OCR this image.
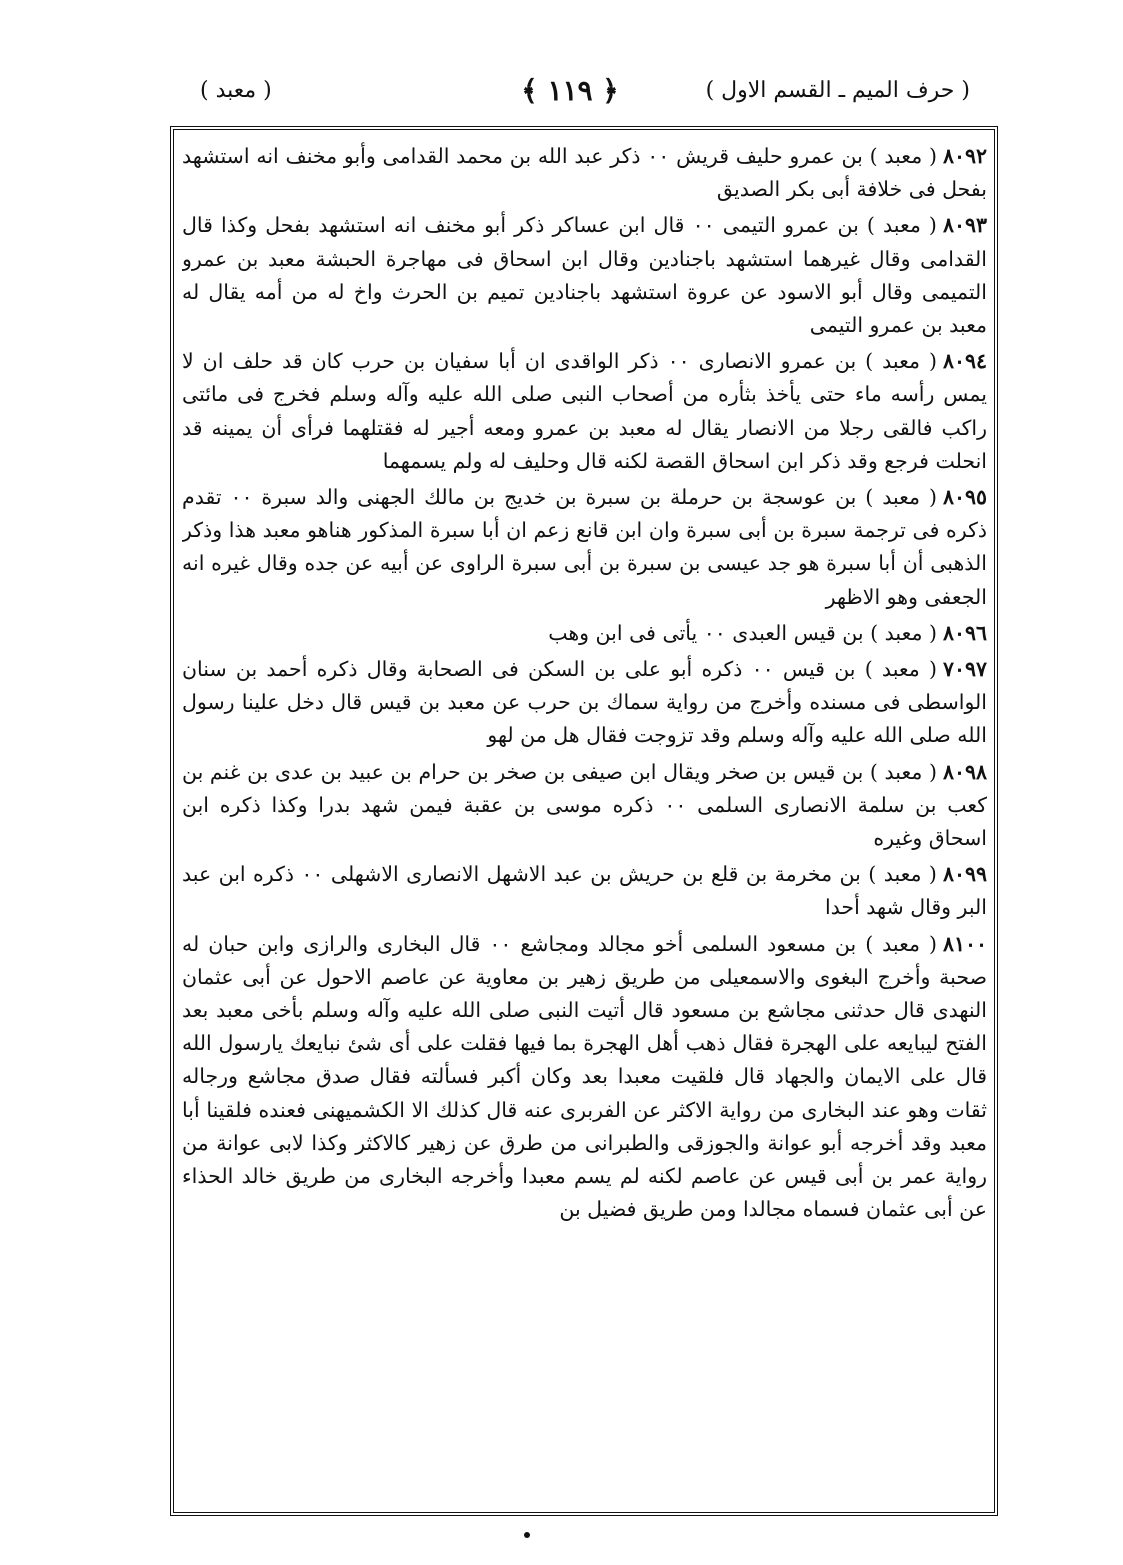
( حرف الميم ـ القسم الاول )
﴿ ١١٩ ﴾
( معبد )

٨٠٩٢( معبد ) بن عمرو حليف قريش ٠٠ ذكر عبد الله بن محمد القدامى وأبو مخنف انه استشهد بفحل فى خلافة أبى بكر الصديق

٨٠٩٣( معبد ) بن عمرو التيمى ٠٠ قال ابن عساكر ذكر أبو مخنف انه استشهد بفحل وكذا قال القدامى وقال غيرهما استشهد باجنادين وقال ابن اسحاق فى مهاجرة الحبشة معبد بن عمرو التميمى وقال أبو الاسود عن عروة استشهد باجنادين تميم بن الحرث واخ له من أمه يقال له معبد بن عمرو التيمى

٨٠٩٤( معبد ) بن عمرو الانصارى ٠٠ ذكر الواقدى ان أبا سفيان بن حرب كان قد حلف ان لا يمس رأسه ماء حتى يأخذ بثأره من أصحاب النبى صلى الله عليه وآله وسلم فخرج فى مائتى راكب فالقى رجلا من الانصار يقال له معبد بن عمرو ومعه أجير له فقتلهما فرأى أن يمينه قد انحلت فرجع وقد ذكر ابن اسحاق القصة لكنه قال وحليف له ولم يسمهما

٨٠٩٥( معبد ) بن عوسجة بن حرملة بن سبرة بن خديج بن مالك الجهنى والد سبرة ٠٠ تقدم ذكره فى ترجمة سبرة بن أبى سبرة وان ابن قانع زعم ان أبا سبرة المذكور هناهو معبد هذا وذكر الذهبى أن أبا سبرة هو جد عيسى بن سبرة بن أبى سبرة الراوى عن أبيه عن جده وقال غيره انه الجعفى وهو الاظهر

٨٠٩٦( معبد ) بن قيس العبدى ٠٠ يأتى فى ابن وهب

٧٠٩٧( معبد ) بن قيس ٠٠ ذكره أبو على بن السكن فى الصحابة وقال ذكره أحمد بن سنان الواسطى فى مسنده وأخرج من رواية سماك بن حرب عن معبد بن قيس قال دخل علينا رسول الله صلى الله عليه وآله وسلم وقد تزوجت فقال هل من لهو

٨٠٩٨( معبد ) بن قيس بن صخر ويقال ابن صيفى بن صخر بن حرام بن عبيد بن عدى بن غنم بن كعب بن سلمة الانصارى السلمى ٠٠ ذكره موسى بن عقبة فيمن شهد بدرا وكذا ذكره ابن اسحاق وغيره

٨٠٩٩( معبد ) بن مخرمة بن قلع بن حريش بن عبد الاشهل الانصارى الاشهلى ٠٠ ذكره ابن عبد البر وقال شهد أحدا

٨١٠٠( معبد ) بن مسعود السلمى أخو مجالد ومجاشع ٠٠ قال البخارى والرازى وابن حبان له صحبة وأخرج البغوى والاسمعيلى من طريق زهير بن معاوية عن عاصم الاحول عن أبى عثمان النهدى قال حدثنى مجاشع بن مسعود قال أتيت النبى صلى الله عليه وآله وسلم بأخى معبد بعد الفتح ليبايعه على الهجرة فقال ذهب أهل الهجرة بما فيها فقلت على أى شئ نبايعك يارسول الله قال على الايمان والجهاد قال فلقيت معبدا بعد وكان أكبر فسألته فقال صدق مجاشع ورجاله ثقات وهو عند البخارى من رواية الاكثر عن الفربرى عنه قال كذلك الا الكشميهنى فعنده فلقينا أبا معبد وقد أخرجه أبو عوانة والجوزقى والطبرانى من طرق عن زهير كالاكثر وكذا لابى عوانة من رواية عمر بن أبى قيس عن عاصم لكنه لم يسم معبدا وأخرجه البخارى من طريق خالد الحذاء عن أبى عثمان فسماه مجالدا ومن طريق فضيل بن
